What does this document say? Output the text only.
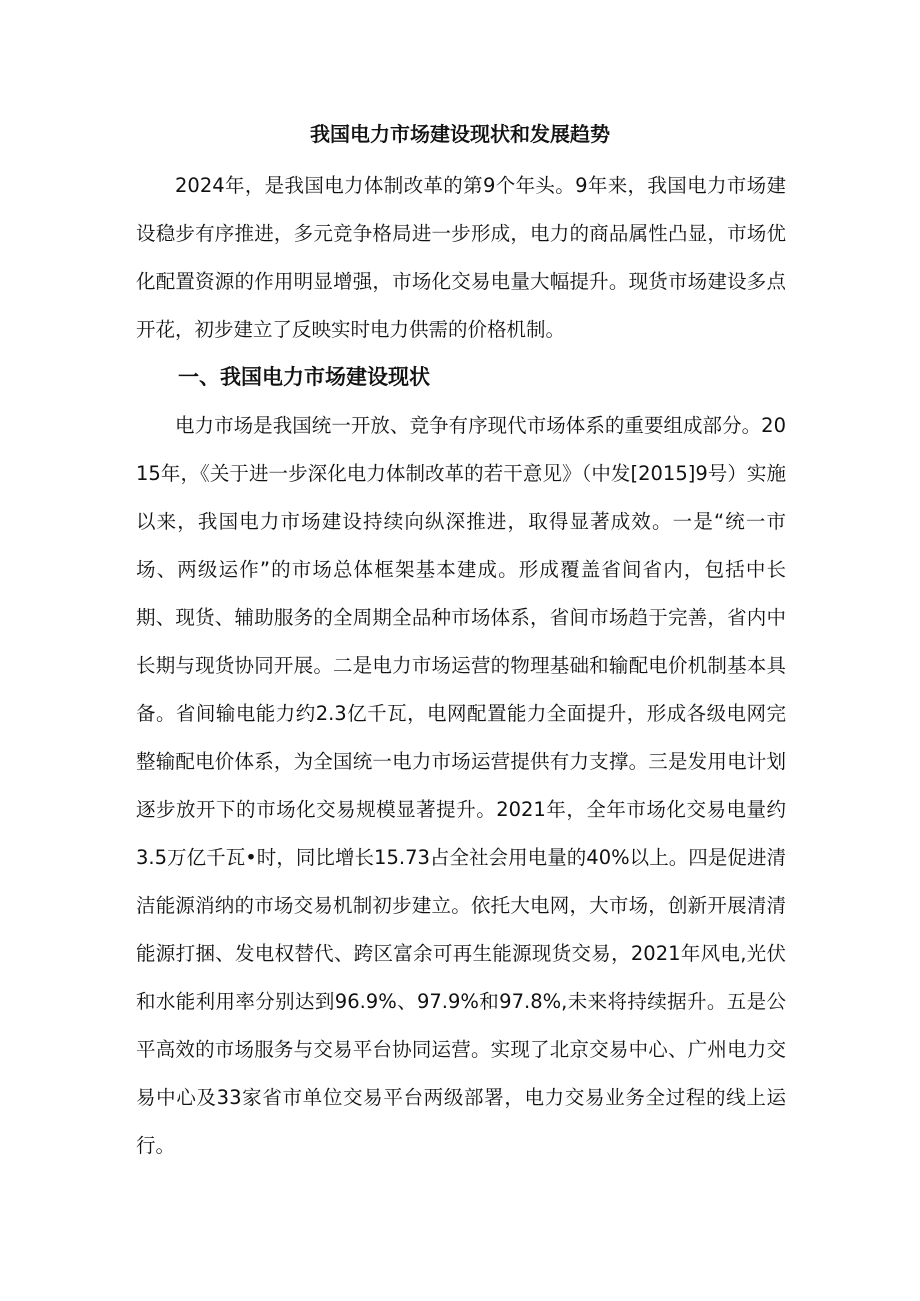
我国电力市场建设现状和发展趋势

2024年，是我国电力体制改革的第9个年头。9年来，我国电力市场建设稳步有序推进，多元竞争格局进一步形成，电力的商品属性凸显，市场优化配置资源的作用明显增强，市场化交易电量大幅提升。现货市场建设多点开花，初步建立了反映实时电力供需的价格机制。

一、我国电力市场建设现状

电力市场是我国统一开放、竞争有序现代市场体系的重要组成部分。2015年，《关于进一步深化电力体制改革的若干意见》（中发[2015]9号）实施以来，我国电力市场建设持续向纵深推进，取得显著成效。一是“统一市场、两级运作”的市场总体框架基本建成。形成覆盖省间省内，包括中长期、现货、辅助服务的全周期全品种市场体系，省间市场趋于完善，省内中长期与现货协同开展。二是电力市场运营的物理基础和输配电价机制基本具备。省间输电能力约2.3亿千瓦，电网配置能力全面提升，形成各级电网完整输配电价体系，为全国统一电力市场运营提供有力支撑。三是发用电计划逐步放开下的市场化交易规模显著提升。2021年，全年市场化交易电量约3.5万亿千瓦•时，同比增长15.73占全社会用电量的40%以上。四是促进清洁能源消纳的市场交易机制初步建立。依托大电网，大市场，创新开展清清能源打捆、发电权替代、跨区富余可再生能源现货交易，2021年风电,光伏和水能利用率分别达到96.9%、97.9%和97.8%,未来将持续据升。五是公平高效的市场服务与交易平台协同运营。实现了北京交易中心、广州电力交易中心及33家省市单位交易平台两级部署，电力交易业务全过程的线上运行。
